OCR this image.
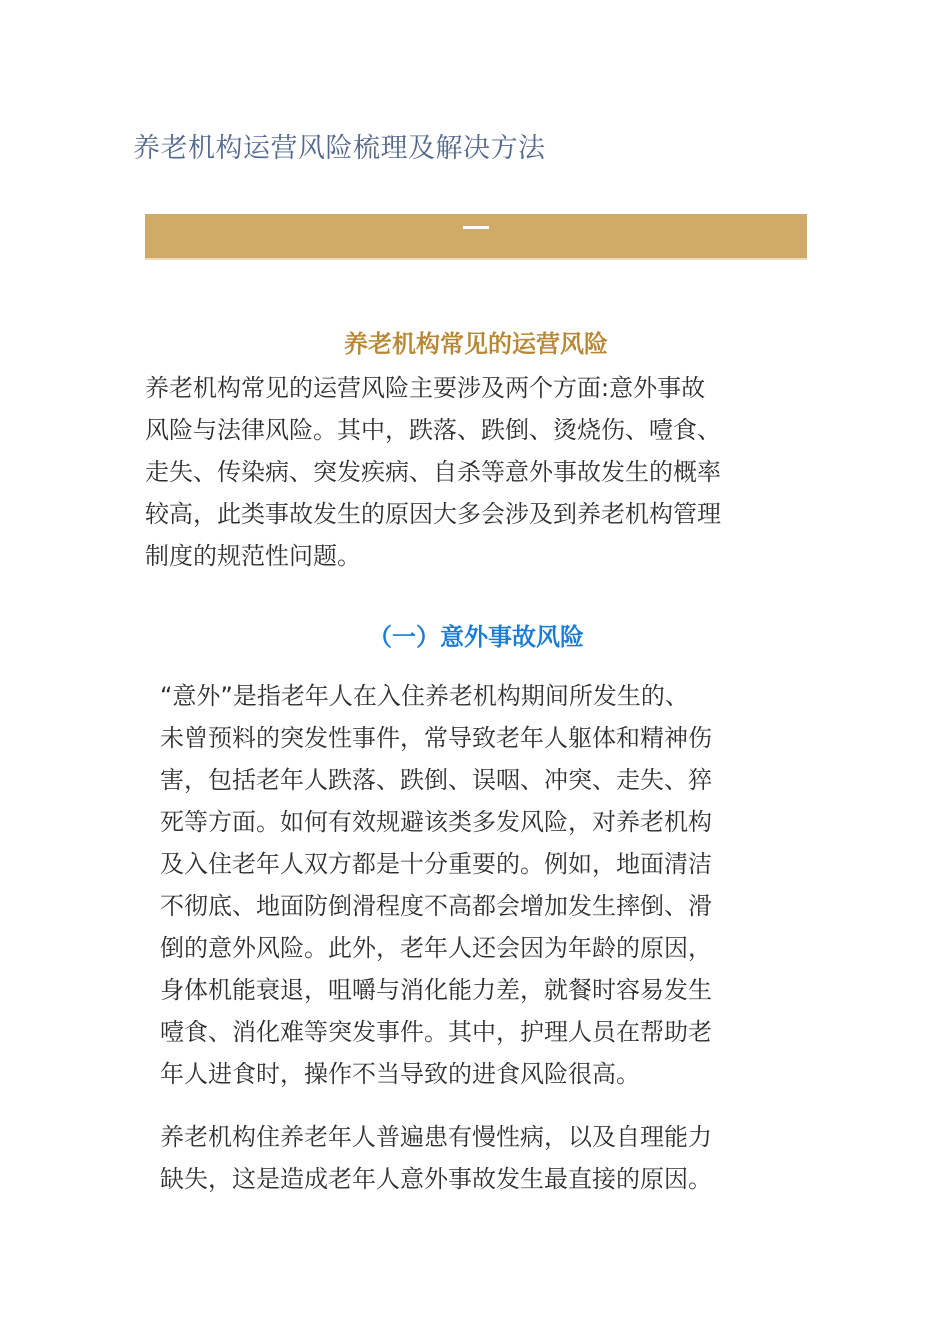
养老机构运营风险梳理及解决方法
养老机构常见的运营风险

养老机构常见的运营风险主要涉及两个方面:意外事故
风险与法律风险。其中，跌落、跌倒、烫烧伤、噎食、
走失、传染病、突发疾病、自杀等意外事故发生的概率
较高，此类事故发生的原因大多会涉及到养老机构管理
制度的规范性问题。

（一）意外事故风险

“意外”是指老年人在入住养老机构期间所发生的、
未曾预料的突发性事件，常导致老年人躯体和精神伤
害，包括老年人跌落、跌倒、误咽、冲突、走失、猝
死等方面。如何有效规避该类多发风险，对养老机构
及入住老年人双方都是十分重要的。例如，地面清洁
不彻底、地面防倒滑程度不高都会增加发生摔倒、滑
倒的意外风险。此外，老年人还会因为年龄的原因，
身体机能衰退，咀嚼与消化能力差，就餐时容易发生
噎食、消化难等突发事件。其中，护理人员在帮助老
年人进食时，操作不当导致的进食风险很高。

养老机构住养老年人普遍患有慢性病，以及自理能力
缺失，这是造成老年人意外事故发生最直接的原因。
